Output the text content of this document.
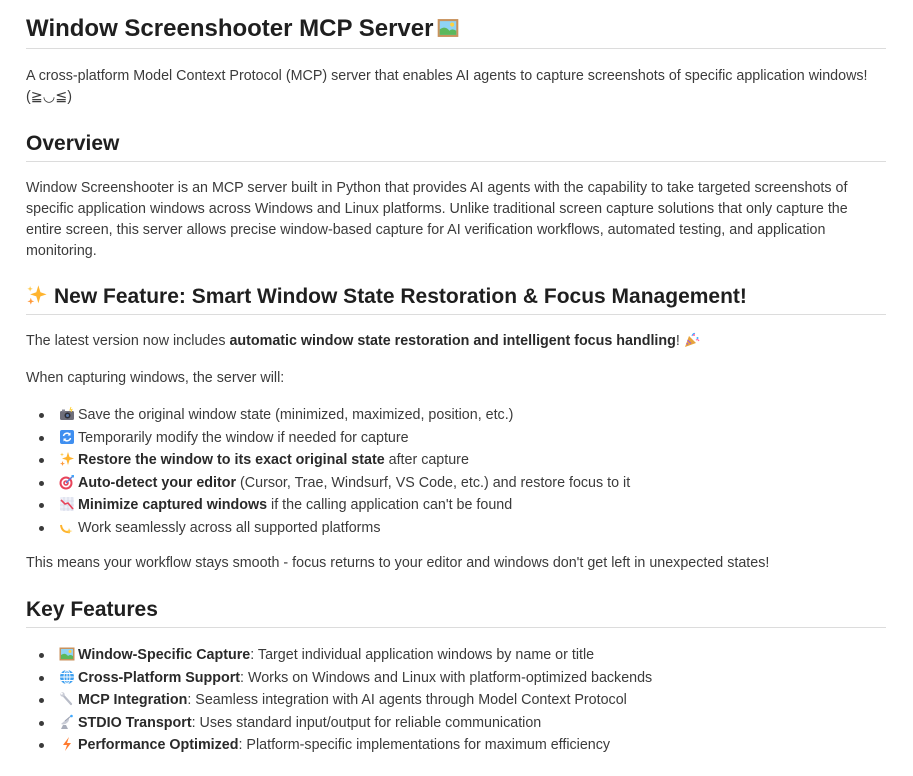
Window Screenshooter MCP Server

A cross-platform Model Context Protocol (MCP) server that enables AI agents to capture screenshots of specific application windows! (≧◡≦)

Overview

Window Screenshooter is an MCP server built in Python that provides AI agents with the capability to take targeted screenshots of specific application windows across Windows and Linux platforms. Unlike traditional screen capture solutions that only capture the entire screen, this server allows precise window-based capture for AI verification workflows, automated testing, and application monitoring.

New Feature: Smart Window State Restoration & Focus Management!

The latest version now includes automatic window state restoration and intelligent focus handling!

When capturing windows, the server will:

Save the original window state (minimized, maximized, position, etc.)
Temporarily modify the window if needed for capture
Restore the window to its exact original state after capture
Auto-detect your editor (Cursor, Trae, Windsurf, VS Code, etc.) and restore focus to it
Minimize captured windows if the calling application can't be found
Work seamlessly across all supported platforms

This means your workflow stays smooth - focus returns to your editor and windows don't get left in unexpected states!

Key Features
Window-Specific Capture: Target individual application windows by name or title
Cross-Platform Support: Works on Windows and Linux with platform-optimized backends
MCP Integration: Seamless integration with AI agents through Model Context Protocol
STDIO Transport: Uses standard input/output for reliable communication
Performance Optimized: Platform-specific implementations for maximum efficiency
